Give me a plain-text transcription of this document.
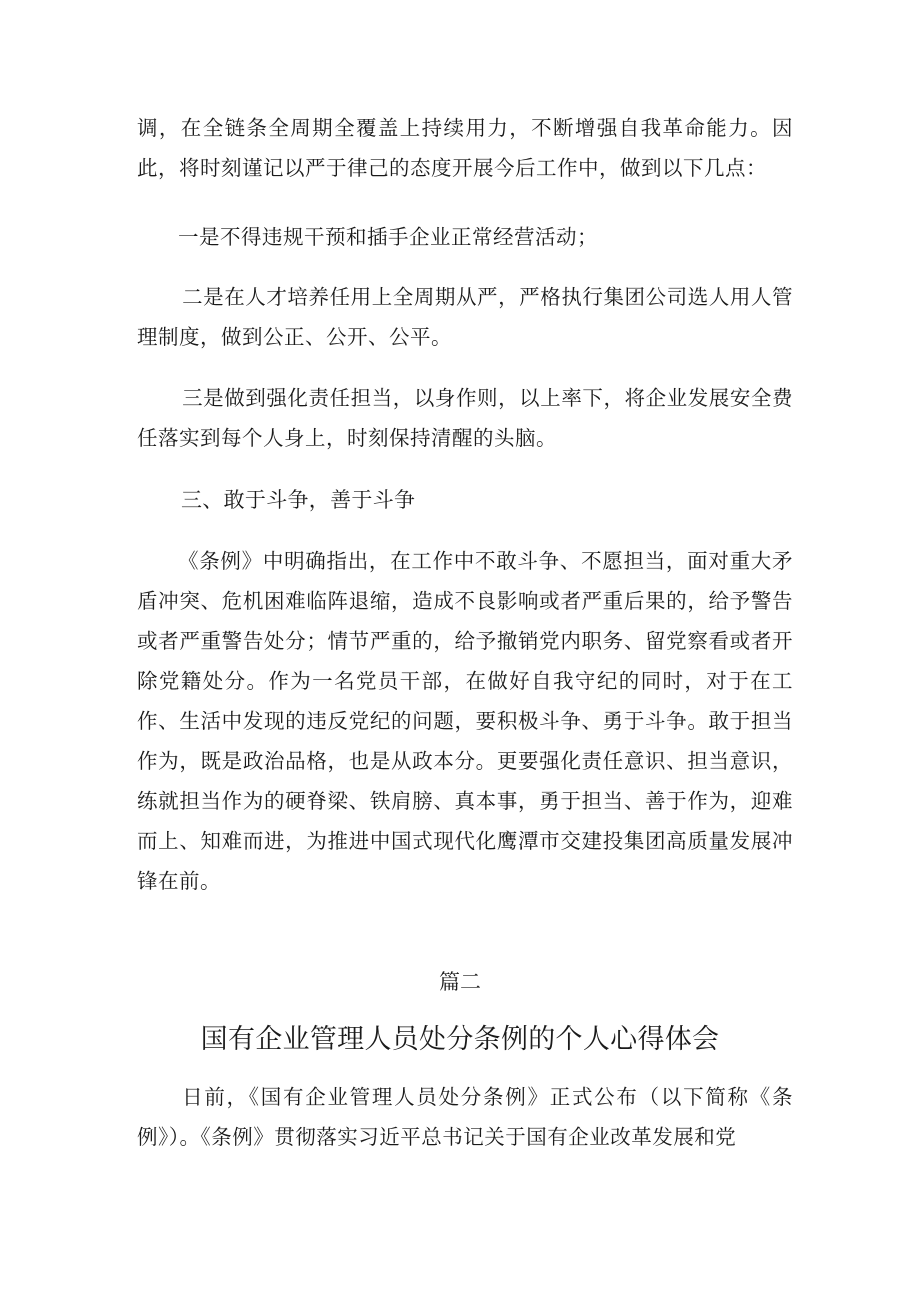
调，在全链条全周期全覆盖上持续用力，不断增强自我革命能力。因此，将时刻谨记以严于律己的态度开展今后工作中，做到以下几点：

一是不得违规干预和插手企业正常经营活动；

二是在人才培养任用上全周期从严，严格执行集团公司选人用人管理制度，做到公正、公开、公平。

三是做到强化责任担当，以身作则，以上率下，将企业发展安全费任落实到每个人身上，时刻保持清醒的头脑。

三、敢于斗争，善于斗争

《条例》中明确指出，在工作中不敢斗争、不愿担当，面对重大矛盾冲突、危机困难临阵退缩，造成不良影响或者严重后果的，给予警告或者严重警告处分；情节严重的，给予撤销党内职务、留党察看或者开除党籍处分。作为一名党员干部，在做好自我守纪的同时，对于在工作、生活中发现的违反党纪的问题，要积极斗争、勇于斗争。敢于担当作为，既是政治品格，也是从政本分。更要强化责任意识、担当意识，练就担当作为的硬脊梁、铁肩膀、真本事，勇于担当、善于作为，迎难而上、知难而进，为推进中国式现代化鹰潭市交建投集团高质量发展冲锋在前。

篇二
国有企业管理人员处分条例的个人心得体会

日前，《国有企业管理人员处分条例》正式公布（以下简称《条例》）。《条例》贯彻落实习近平总书记关于国有企业改革发展和党
